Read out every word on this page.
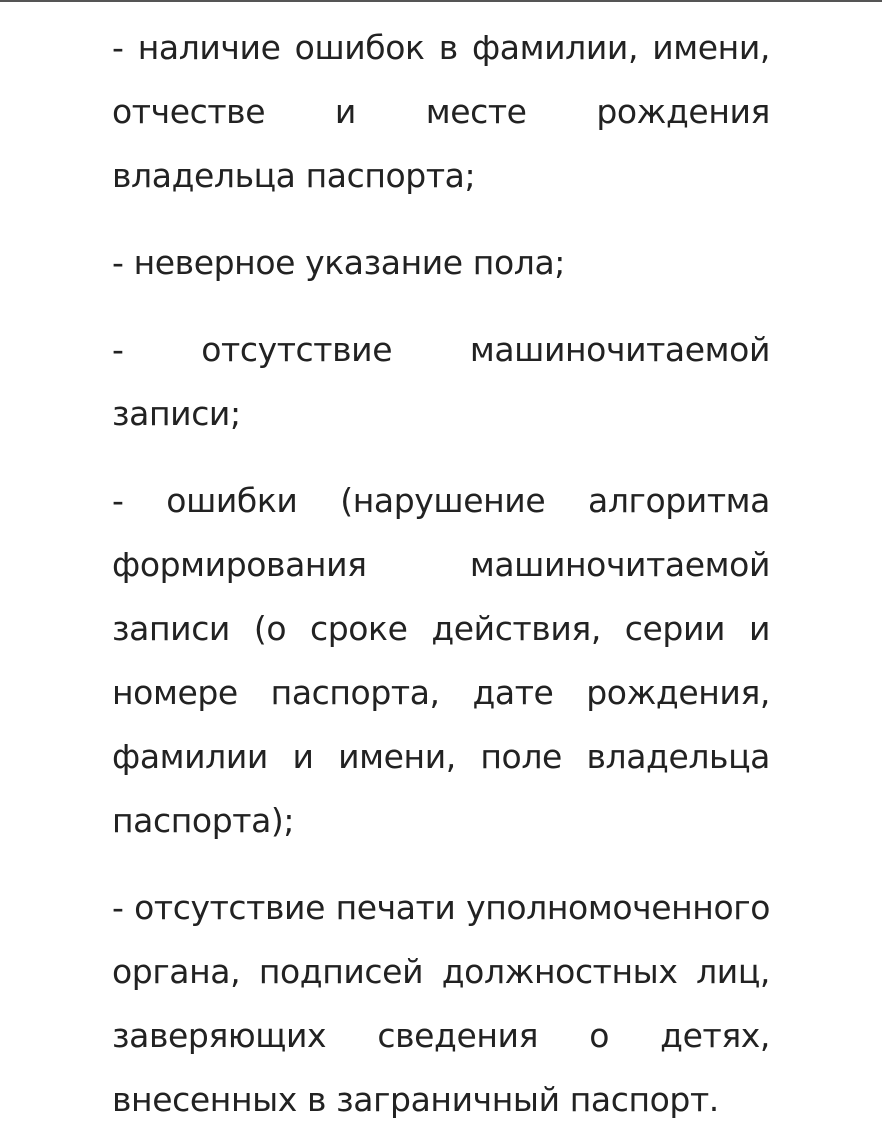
- наличие ошибок в фамилии, имени, отчестве и месте рождения владельца паспорта;

- неверное указание пола;

- отсутствие машиночитаемой записи;

- ошибки (нарушение алгоритма формирования машиночитаемой записи (о сроке действия, серии и номере паспорта, дате рождения, фамилии и имени, поле владельца паспорта);

- отсутствие печати уполномоченного органа, подписей должностных лиц, заверяющих сведения о детях, внесенных в заграничный паспорт.
